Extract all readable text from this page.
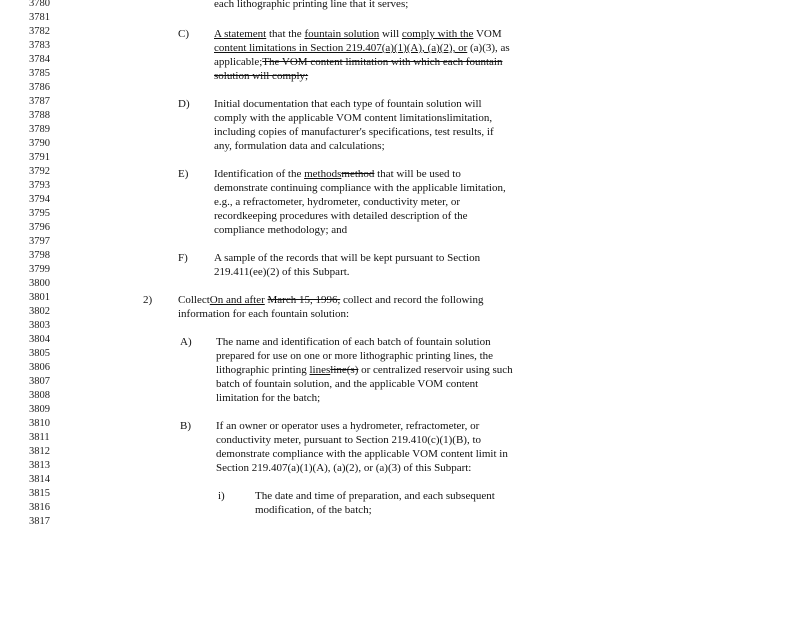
3780
3781
3782
3783
3784
3785
3786
3787
3788
3789
3790
3791
3792
3793
3794
3795
3796
3797
3798
3799
3800
3801
3802
3803
3804
3805
3806
3807
3808
3809
3810
3811
3812
3813
3814
3815
3816
3817
each lithographic printing line that it serves;
C) A statement that the fountain solution will comply with the VOM
content limitations in Section 219.407(a)(1)(A), (a)(2), or (a)(3), as
applicable;The VOM content limitation with which each fountain
solution will comply;
D) Initial documentation that each type of fountain solution will
comply with the applicable VOM content limitationslimitation,
including copies of manufacturer's specifications, test results, if
any, formulation data and calculations;
E) Identification of the methodsmethod that will be used to
demonstrate continuing compliance with the applicable limitation,
e.g., a refractometer, hydrometer, conductivity meter, or
recordkeeping procedures with detailed description of the
compliance methodology; and
F) A sample of the records that will be kept pursuant to Section
219.411(ee)(2) of this Subpart.
2) CollectOn and after March 15, 1996, collect and record the following
information for each fountain solution:
A) The name and identification of each batch of fountain solution
prepared for use on one or more lithographic printing lines, the
lithographic printing linesline(s) or centralized reservoir using such
batch of fountain solution, and the applicable VOM content
limitation for the batch;
B) If an owner or operator uses a hydrometer, refractometer, or
conductivity meter, pursuant to Section 219.410(c)(1)(B), to
demonstrate compliance with the applicable VOM content limit in
Section 219.407(a)(1)(A), (a)(2), or (a)(3) of this Subpart:
i)	The date and time of preparation, and each subsequent
modification, of the batch;
